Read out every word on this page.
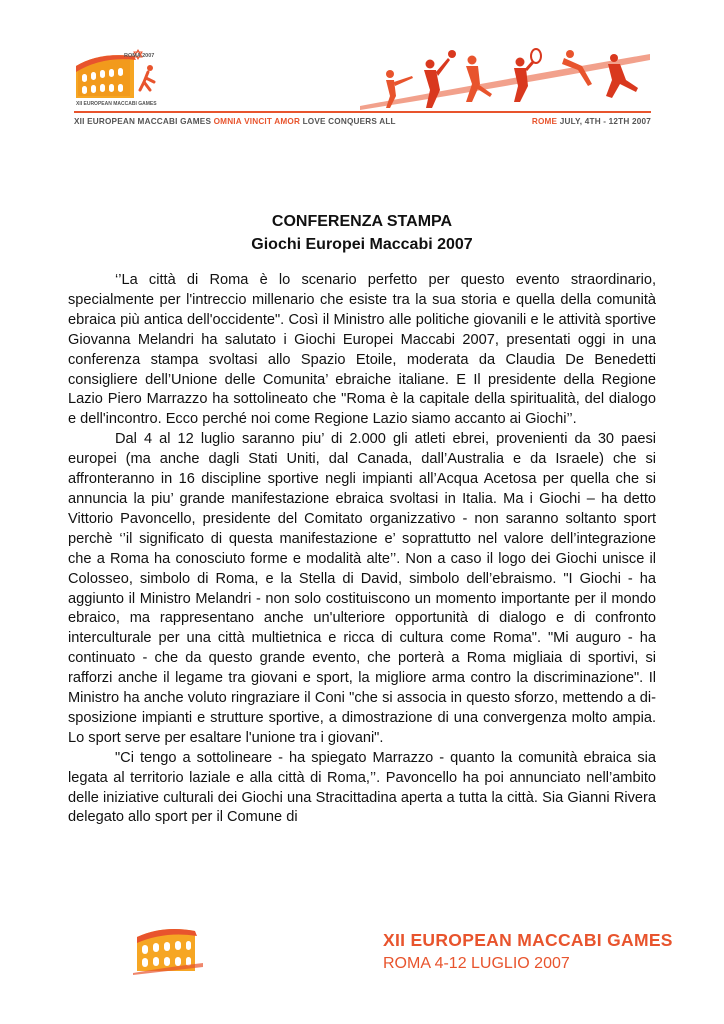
ROMA 2007
XII EUROPEAN MACCABI GAMES
XII EUROPEAN MACCABI GAMES OMNIA VINCIT AMOR LOVE CONQUERS ALL	ROME JULY, 4TH - 12TH 2007
CONFERENZA STAMPA
Giochi Europei Maccabi 2007

‘’La città di Roma è lo scenario perfetto per questo evento straordinario, specialmente per l'intreccio millenario che esiste tra la sua storia e quella della comunità ebraica più antica dell'occidente". Così il Ministro alle politiche giovanili e le attività sportive Giovanna Melandri ha salutato i Giochi Europei Maccabi 2007, presentati oggi in una conferenza stampa svoltasi allo Spazio Etoile, moderata da Claudia De Benedetti consigliere dell’Unione delle Comunita’ ebraiche italiane. E Il presidente della Regione Lazio Piero Marrazzo ha sottolineato che "Roma è la capitale della spiritualità, del dialogo e dell'incontro. Ecco perché noi come Regione Lazio siamo accanto ai Giochi’’.

Dal 4 al 12 luglio saranno piu’ di 2.000 gli atleti ebrei, provenienti da 30 paesi europei (ma anche dagli Stati Uniti, dal Canada, dall’Australia e da Israele) che si affronteranno in 16 discipline sportive negli impianti all’Acqua Acetosa per quella che si annuncia la piu’ grande manifestazione ebraica svoltasi in Italia. Ma i Giochi – ha detto Vittorio Pavoncello, presidente del Comitato organizzativo - non saranno soltanto sport perchè ‘’il significato di questa manifestazione e’ soprattutto nel valore dell’integrazione che a Roma ha conosciuto forme e modalità alte’’. Non a caso il logo dei Giochi unisce il Colosseo, simbolo di Roma, e la Stella di David, simbolo dell’ebraismo. "I Giochi - ha aggiunto il Ministro Melandri - non solo costituiscono un momento importante per il mondo ebraico, ma rappresentano anche un'ulteriore opportunità di dialogo e di confronto interculturale per una città multietnica e ricca di cultura come Roma". "Mi auguro - ha continuato - che da questo grande evento, che porterà a Roma migliaia di sportivi, si rafforzi anche il legame tra giovani e sport, la migliore arma contro la discriminazione". Il Ministro ha anche voluto ringraziare il Coni "che si associa in questo sforzo, mettendo a disposizione impianti e strutture sportive, a dimostrazione di una convergenza molto ampia. Lo sport serve per esaltare l'unione tra i giovani".

"Ci tengo a sottolineare - ha spiegato Marrazzo - quanto la comunità ebraica sia legata al territorio laziale e alla città di Roma,’’. Pavoncello ha poi annunciato nell’ambito delle iniziative culturali dei Giochi una Stracittadina aperta a tutta la città. Sia Gianni Rivera delegato allo sport per il Comune di

XII EUROPEAN MACCABI GAMES
ROMA 4-12 LUGLIO 2007
